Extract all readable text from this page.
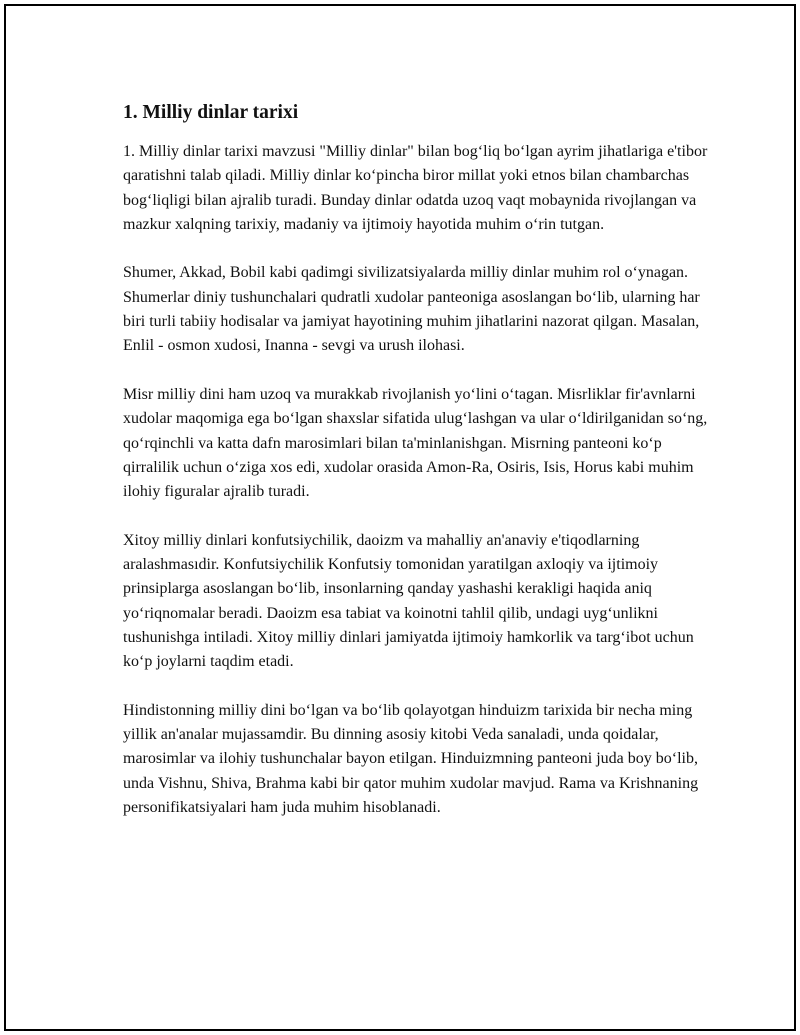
1. Milliy dinlar tarixi

1. Milliy dinlar tarixi mavzusi "Milliy dinlar" bilan bog‘liq bo‘lgan ayrim jihatlariga e'tibor qaratishni talab qiladi. Milliy dinlar ko‘pincha biror millat yoki etnos bilan chambarchas bog‘liqligi bilan ajralib turadi. Bunday dinlar odatda uzoq vaqt mobaynida rivojlangan va mazkur xalqning tarixiy, madaniy va ijtimoiy hayotida muhim o‘rin tutgan.

Shumer, Akkad, Bobil kabi qadimgi sivilizatsiyalarda milliy dinlar muhim rol o‘ynagan. Shumerlar diniy tushunchalari qudratli xudolar panteoniga asoslangan bo‘lib, ularning har biri turli tabiiy hodisalar va jamiyat hayotining muhim jihatlarini nazorat qilgan. Masalan, Enlil - osmon xudosi, Inanna - sevgi va urush ilohasi.

Misr milliy dini ham uzoq va murakkab rivojlanish yo‘lini o‘tagan. Misrliklar fir'avnlarni xudolar maqomiga ega bo‘lgan shaxslar sifatida ulug‘lashgan va ular o‘ldirilganidan so‘ng, qo‘rqinchli va katta dafn marosimlari bilan ta'minlanishgan. Misrning panteoni ko‘p qirralilik uchun o‘ziga xos edi, xudolar orasida Amon-Ra, Osiris, Isis, Horus kabi muhim ilohiy figuralar ajralib turadi.

Xitoy milliy dinlari konfutsiychilik, daoizm va mahalliy an'anaviy e'tiqodlarning aralashmasıdir. Konfutsiychilik Konfutsiy tomonidan yaratilgan axloqiy va ijtimoiy prinsiplarga asoslangan bo‘lib, insonlarning qanday yashashi kerakligi haqida aniq yo‘riqnomalar beradi. Daoizm esa tabiat va koinotni tahlil qilib, undagi uyg‘unlikni tushunishga intiladi. Xitoy milliy dinlari jamiyatda ijtimoiy hamkorlik va targ‘ibot uchun ko‘p joylarni taqdim etadi.

Hindistonning milliy dini bo‘lgan va bo‘lib qolayotgan hinduizm tarixida bir necha ming yillik an'analar mujassamdir. Bu dinning asosiy kitobi Veda sanaladi, unda qoidalar, marosimlar va ilohiy tushunchalar bayon etilgan. Hinduizmning panteoni juda boy bo‘lib, unda Vishnu, Shiva, Brahma kabi bir qator muhim xudolar mavjud. Rama va Krishnaning personifikatsiyalari ham juda muhim hisoblanadi.
